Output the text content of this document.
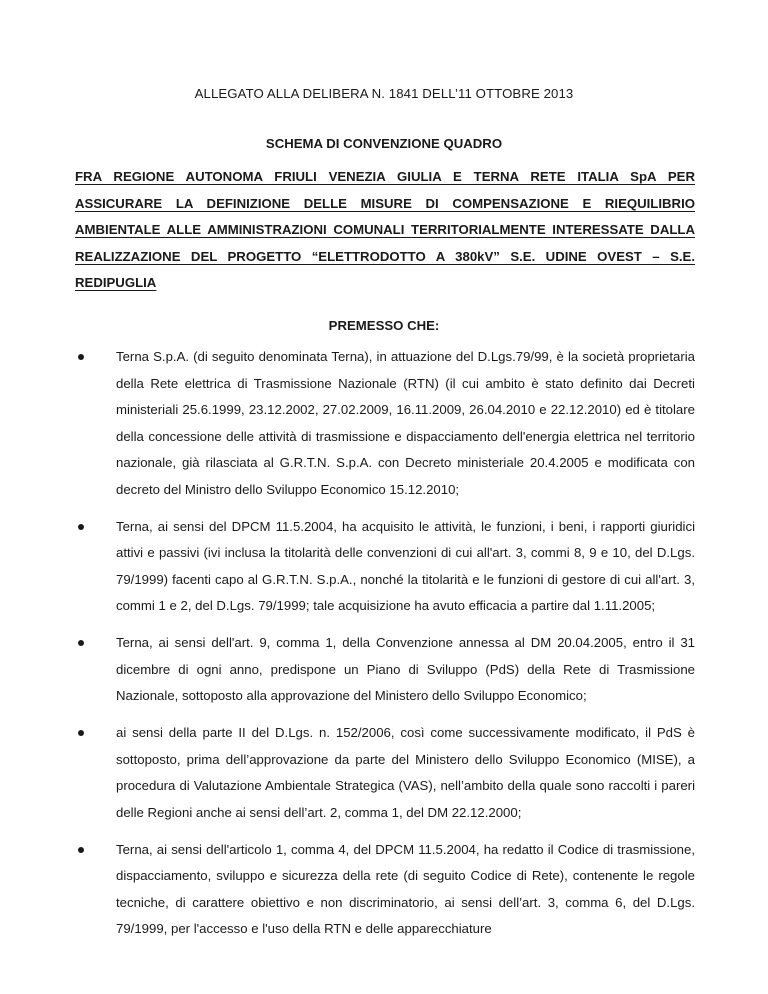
ALLEGATO ALLA DELIBERA N. 1841 DELL’11 OTTOBRE 2013
SCHEMA DI CONVENZIONE QUADRO
FRA REGIONE AUTONOMA FRIULI VENEZIA GIULIA E TERNA RETE ITALIA SpA PER ASSICURARE LA DEFINIZIONE DELLE MISURE DI COMPENSAZIONE E RIEQUILIBRIO AMBIENTALE ALLE AMMINISTRAZIONI COMUNALI TERRITORIALMENTE INTERESSATE DALLA REALIZZAZIONE DEL PROGETTO “ELETTRODOTTO A 380kV” S.E. UDINE OVEST – S.E.
REDIPUGLIA
PREMESSO CHE:
Terna S.p.A. (di seguito denominata Terna), in attuazione del D.Lgs.79/99, è la società proprietaria della Rete elettrica di Trasmissione Nazionale (RTN) (il cui ambito è stato definito dai Decreti ministeriali 25.6.1999, 23.12.2002, 27.02.2009, 16.11.2009, 26.04.2010 e 22.12.2010) ed è titolare della concessione delle attività di trasmissione e dispacciamento dell'energia elettrica nel territorio nazionale, già rilasciata al G.R.T.N. S.p.A. con Decreto ministeriale 20.4.2005 e modificata con decreto del Ministro dello Sviluppo Economico 15.12.2010;
Terna, ai sensi del DPCM 11.5.2004, ha acquisito le attività, le funzioni, i beni, i rapporti giuridici attivi e passivi (ivi inclusa la titolarità delle convenzioni di cui all'art. 3, commi 8, 9 e 10, del D.Lgs. 79/1999) facenti capo al G.R.T.N. S.p.A., nonché la titolarità e le funzioni di gestore di cui all'art. 3, commi 1 e 2, del D.Lgs. 79/1999; tale acquisizione ha avuto efficacia a partire dal 1.11.2005;
Terna, ai sensi dell'art. 9, comma 1, della Convenzione annessa al DM 20.04.2005, entro il 31 dicembre di ogni anno, predispone un Piano di Sviluppo (PdS) della Rete di Trasmissione Nazionale, sottoposto alla approvazione del Ministero dello Sviluppo Economico;
ai sensi della parte II del D.Lgs. n. 152/2006, così come successivamente modificato, il PdS è sottoposto, prima dell’approvazione da parte del Ministero dello Sviluppo Economico (MISE), a procedura di Valutazione Ambientale Strategica (VAS), nell’ambito della quale sono raccolti i pareri delle Regioni anche ai sensi dell’art. 2, comma 1, del DM 22.12.2000;
Terna, ai sensi dell'articolo 1, comma 4, del DPCM 11.5.2004, ha redatto il Codice di trasmissione, dispacciamento, sviluppo e sicurezza della rete (di seguito Codice di Rete), contenente le regole tecniche, di carattere obiettivo e non discriminatorio, ai sensi dell’art. 3, comma 6, del D.Lgs. 79/1999, per l'accesso e l'uso della RTN e delle apparecchiature
